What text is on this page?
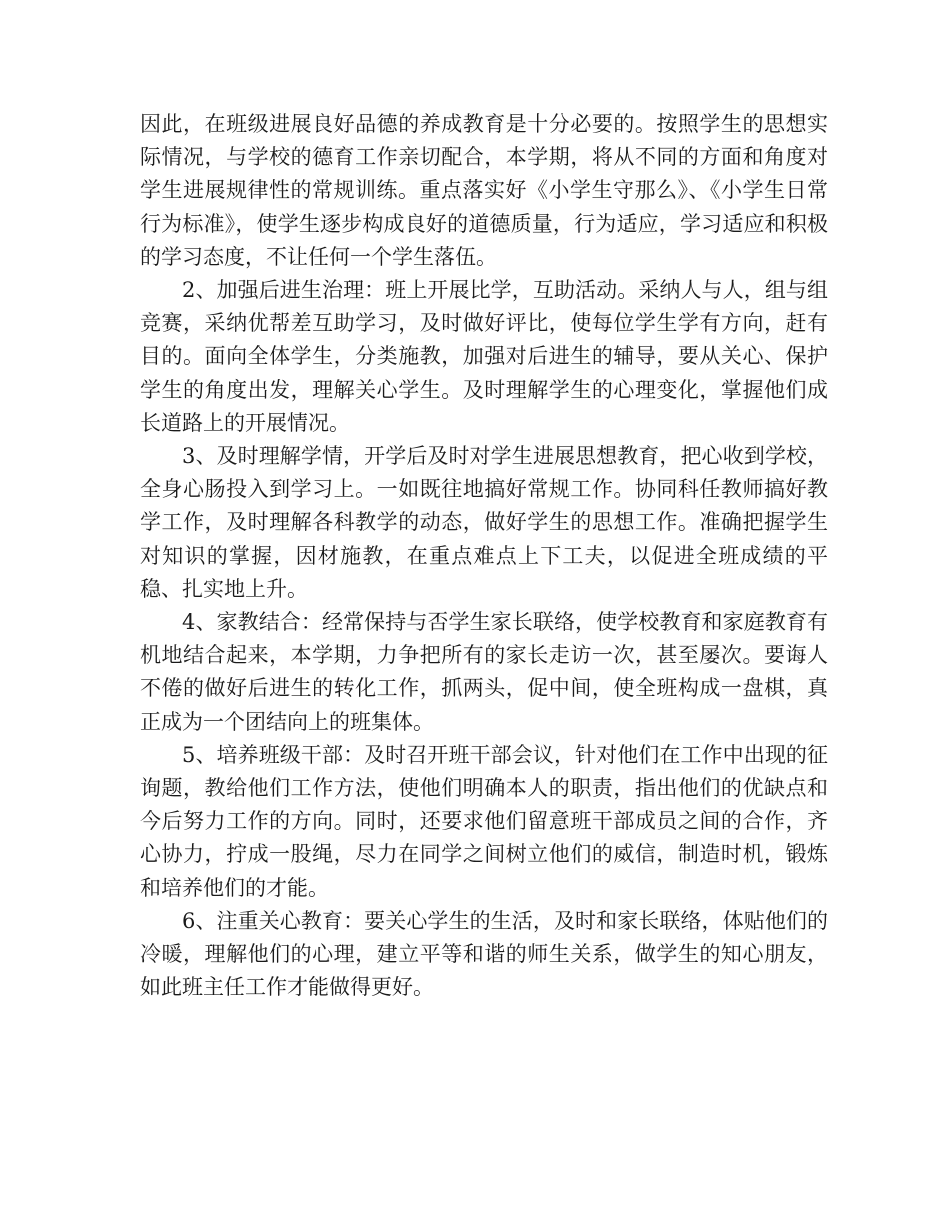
因此，在班级进展良好品德的养成教育是十分必要的。按照学生的思想实际情况，与学校的德育工作亲切配合，本学期，将从不同的方面和角度对学生进展规律性的常规训练。重点落实好《小学生守那么》、《小学生日常行为标准》，使学生逐步构成良好的道德质量，行为适应，学习适应和积极的学习态度，不让任何一个学生落伍。

2、加强后进生治理：班上开展比学，互助活动。采纳人与人，组与组竞赛，采纳优帮差互助学习，及时做好评比，使每位学生学有方向，赶有目的。面向全体学生，分类施教，加强对后进生的辅导，要从关心、保护学生的角度出发，理解关心学生。及时理解学生的心理变化，掌握他们成长道路上的开展情况。

3、及时理解学情，开学后及时对学生进展思想教育，把心收到学校，全身心肠投入到学习上。一如既往地搞好常规工作。协同科任教师搞好教学工作，及时理解各科教学的动态，做好学生的思想工作。准确把握学生对知识的掌握，因材施教，在重点难点上下工夫，以促进全班成绩的平稳、扎实地上升。

4、家教结合：经常保持与否学生家长联络，使学校教育和家庭教育有机地结合起来，本学期，力争把所有的家长走访一次，甚至屡次。要诲人不倦的做好后进生的转化工作，抓两头，促中间，使全班构成一盘棋，真正成为一个团结向上的班集体。

5、培养班级干部：及时召开班干部会议，针对他们在工作中出现的征询题，教给他们工作方法，使他们明确本人的职责，指出他们的优缺点和今后努力工作的方向。同时，还要求他们留意班干部成员之间的合作，齐心协力，拧成一股绳，尽力在同学之间树立他们的威信，制造时机，锻炼和培养他们的才能。

6、注重关心教育：要关心学生的生活，及时和家长联络，体贴他们的冷暖，理解他们的心理，建立平等和谐的师生关系，做学生的知心朋友，如此班主任工作才能做得更好。
